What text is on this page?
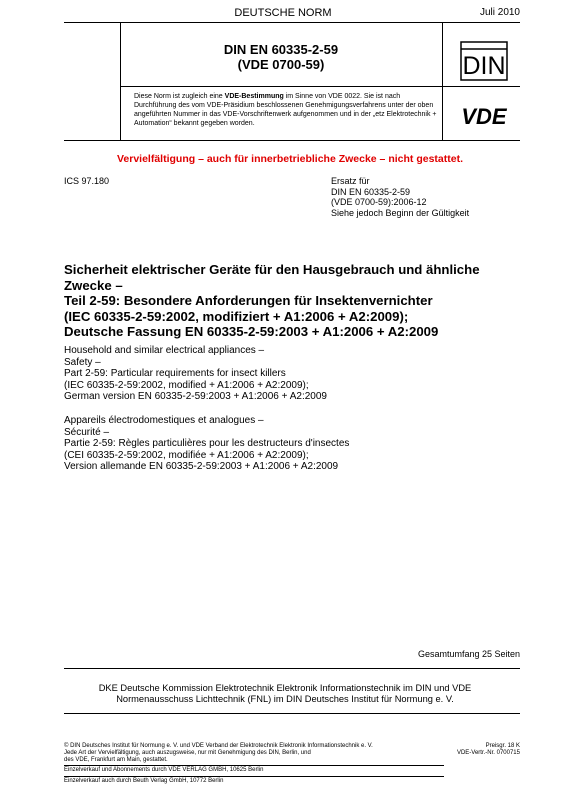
DEUTSCHE NORM	Juli 2010
DIN EN 60335-2-59
(VDE 0700-59)	DIN
Diese Norm ist zugleich eine VDE-Bestimmung im Sinne von VDE 0022. Sie ist nach Durchführung des vom VDE-Präsidium beschlossenen Genehmigungsverfahrens unter der oben angeführten Nummer in das VDE-Vorschriftenwerk aufgenommen und in der „etz Elektrotechnik + Automation“ bekannt gegeben worden.	VDE
Vervielfältigung – auch für innerbetriebliche Zwecke – nicht gestattet.
ICS 97.180	Ersatz für
DIN EN 60335-2-59
(VDE 0700-59):2006-12
Siehe jedoch Beginn der Gültigkeit
Sicherheit elektrischer Geräte für den Hausgebrauch und ähnliche
Zwecke –
Teil 2-59: Besondere Anforderungen für Insektenvernichter
(IEC 60335-2-59:2002, modifiziert + A1:2006 + A2:2009);
Deutsche Fassung EN 60335-2-59:2003 + A1:2006 + A2:2009
Household and similar electrical appliances –
Safety –
Part 2-59: Particular requirements for insect killers
(IEC 60335-2-59:2002, modified + A1:2006 + A2:2009);
German version EN 60335-2-59:2003 + A1:2006 + A2:2009
Appareils électrodomestiques et analogues –
Sécurité –
Partie 2-59: Règles particulières pour les destructeurs d'insectes
(CEI 60335-2-59:2002, modifiée + A1:2006 + A2:2009);
Version allemande EN 60335-2-59:2003 + A1:2006 + A2:2009
Gesamtumfang 25 Seiten
DKE Deutsche Kommission Elektrotechnik Elektronik Informationstechnik im DIN und VDE
Normenausschuss Lichttechnik (FNL) im DIN Deutsches Institut für Normung e. V.
© DIN Deutsches Institut für Normung e. V. und VDE Verband der Elektrotechnik Elektronik Informationstechnik e. V.
Jede Art der Vervielfältigung, auch auszugsweise, nur mit Genehmigung des DIN, Berlin, und
des VDE, Frankfurt am Main, gestattet.
Preisgr. 18 K
VDE-Vertr.-Nr. 0700715
Einzelverkauf und Abonnements durch VDE VERLAG GMBH, 10625 Berlin
Einzelverkauf auch durch Beuth Verlag GmbH, 10772 Berlin
